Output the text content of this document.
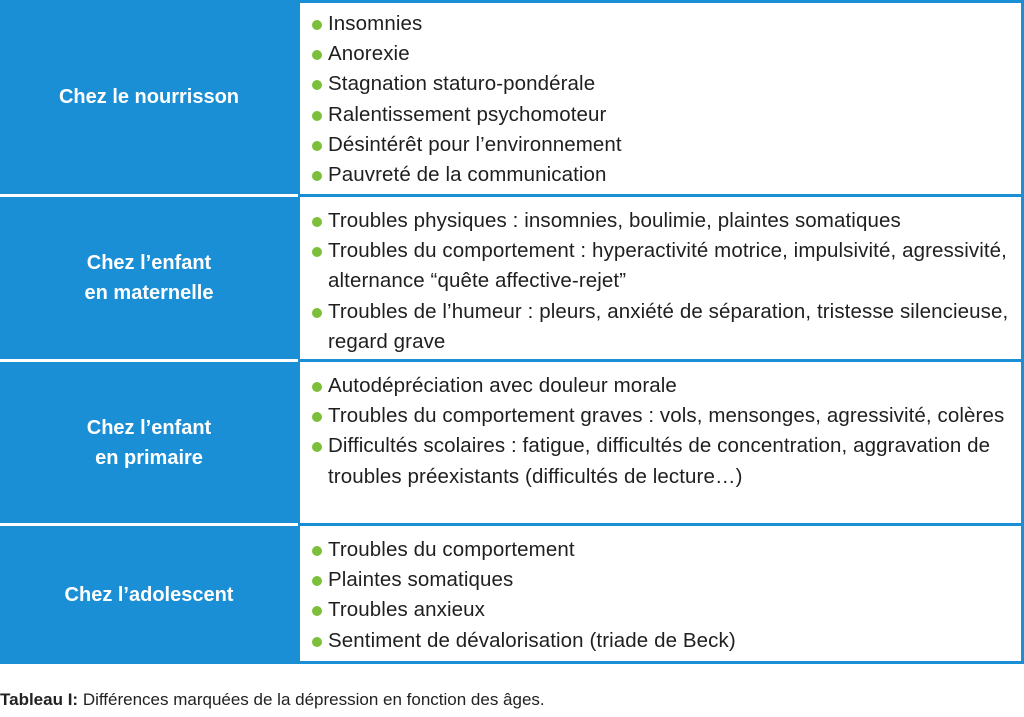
Chez le nourrisson
Insomnies
Anorexie
Stagnation staturo-pondérale
Ralentissement psychomoteur
Désintérêt pour l’environnement
Pauvreté de la communication
Chez l’enfant
en maternelle
Troubles physiques : insomnies, boulimie, plaintes somatiques
Troubles du comportement : hyperactivité motrice, impulsivité, agressivité, alternance “quête affective-rejet”
Troubles de l’humeur : pleurs, anxiété de séparation, tristesse silencieuse, regard grave
Chez l’enfant
en primaire
Autodépréciation avec douleur morale
Troubles du comportement graves : vols, mensonges, agressivité, colères
Difficultés scolaires : fatigue, difficultés de concentration, aggravation de troubles préexistants (difficultés de lecture…)
Chez l’adolescent
Troubles du comportement
Plaintes somatiques
Troubles anxieux
Sentiment de dévalorisation (triade de Beck)
Tableau I: Différences marquées de la dépression en fonction des âges.
